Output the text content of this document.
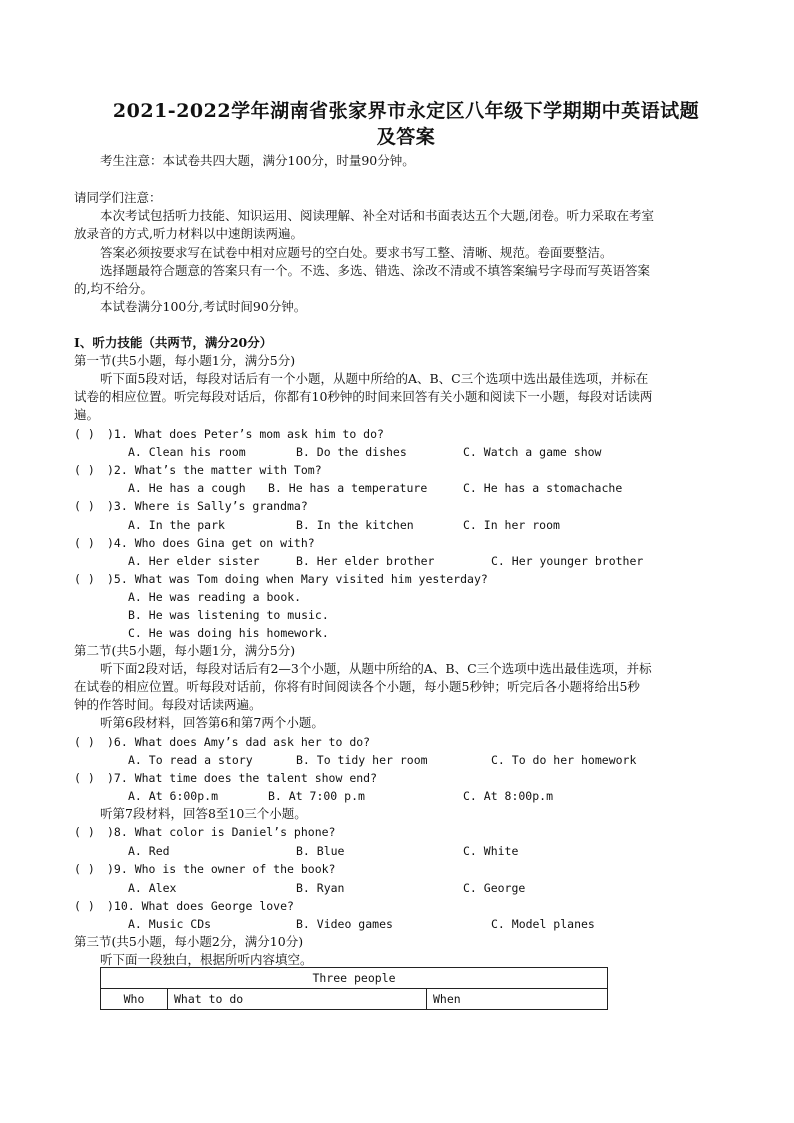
2021-2022学年湖南省张家界市永定区八年级下学期期中英语试题
及答案
考生注意：本试卷共四大题，满分100分，时量90分钟。
请同学们注意：
本次考试包括听力技能、知识运用、阅读理解、补全对话和书面表达五个大题,闭卷。听力采取在考室
放录音的方式,听力材料以中速朗读两遍。
答案必须按要求写在试卷中相对应题号的空白处。要求书写工整、清晰、规范。卷面要整洁。
选择题最符合题意的答案只有一个。不选、多选、错选、涂改不清或不填答案编号字母而写英语答案
的,均不给分。
本试卷满分100分,考试时间90分钟。
Ⅰ、听力技能（共两节，满分20分）
第一节(共5小题，每小题1分，满分5分)
听下面5段对话，每段对话后有一个小题，从题中所给的A、B、C三个选项中选出最佳选项，并标在
试卷的相应位置。听完每段对话后，你都有10秒钟的时间来回答有关小题和阅读下一小题，每段对话读两
遍。
( ) )1. What does Peter’s mom ask him to do?
A. Clean his room	B. Do the dishes	C. Watch a game show
( ) )2. What’s the matter with Tom?
A. He has a cough B. He has a temperature	C. He has a stomachache
( ) )3. Where is Sally’s grandma?
A. In the park	B. In the kitchen	C. In her room
( ) )4. Who does Gina get on with?
A. Her elder sister	B. Her elder brother	C. Her younger brother
( ) )5. What was Tom doing when Mary visited him yesterday?
A. He was reading a book.
B. He was listening to music.
C. He was doing his homework.
第二节(共5小题，每小题1分，满分5分)
听下面2段对话，每段对话后有2—3个小题，从题中所给的A、B、C三个选项中选出最佳选项，并标
在试卷的相应位置。听每段对话前，你将有时间阅读各个小题，每小题5秒钟；听完后各小题将给出5秒
钟的作答时间。每段对话读两遍。
听第6段材料，回答第6和第7两个小题。
( ) )6. What does Amy’s dad ask her to do?
A. To read a story	B. To tidy her room	C. To do her homework
( ) )7. What time does the talent show end?
A. At 6:00p.m	B. At 7:00 p.m	C. At 8:00p.m
听第7段材料，回答8至10三个小题。
( ) )8. What color is Daniel’s phone?
A. Red	B. Blue	C. White
( ) )9. Who is the owner of the book?
A. Alex	B. Ryan	C. George
( ) )10. What does George love?
A. Music CDs	B. Video games	C. Model planes
第三节(共5小题，每小题2分，满分10分)
听下面一段独白，根据所听内容填空。
Three people
Who	What to do	When
